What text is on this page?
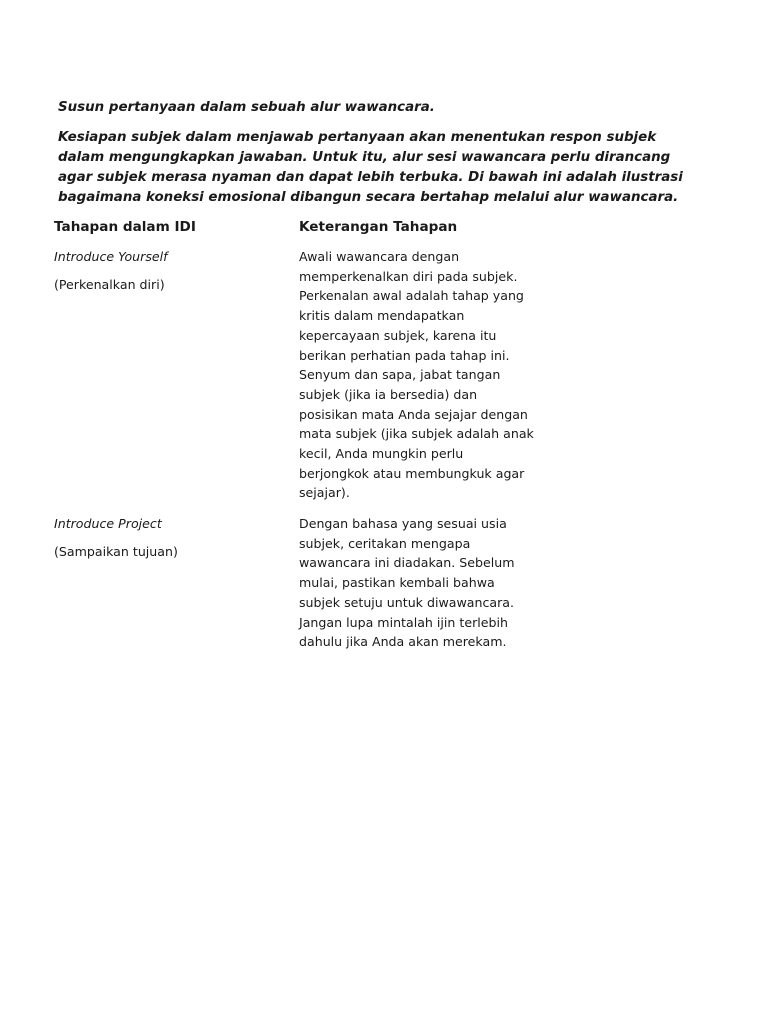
Susun pertanyaan dalam sebuah alur wawancara.

Kesiapan subjek dalam menjawab pertanyaan akan menentukan respon subjek dalam mengungkapkan jawaban. Untuk itu, alur sesi wawancara perlu dirancang agar subjek merasa nyaman dan dapat lebih terbuka. Di bawah ini adalah ilustrasi bagaimana koneksi emosional dibangun secara bertahap melalui alur wawancara.

Tahapan dalam IDI	Keterangan Tahapan

Introduce Yourself

(Perkenalkan diri)

Awali wawancara dengan memperkenalkan diri pada subjek. Perkenalan awal adalah tahap yang kritis dalam mendapatkan kepercayaan subjek, karena itu berikan perhatian pada tahap ini. Senyum dan sapa, jabat tangan subjek (jika ia bersedia) dan posisikan mata Anda sejajar dengan mata subjek (jika subjek adalah anak kecil, Anda mungkin perlu berjongkok atau membungkuk agar sejajar).

Introduce Project

(Sampaikan tujuan)

Dengan bahasa yang sesuai usia subjek, ceritakan mengapa wawancara ini diadakan. Sebelum mulai, pastikan kembali bahwa subjek setuju untuk diwawancara. Jangan lupa mintalah ijin terlebih dahulu jika Anda akan merekam.
